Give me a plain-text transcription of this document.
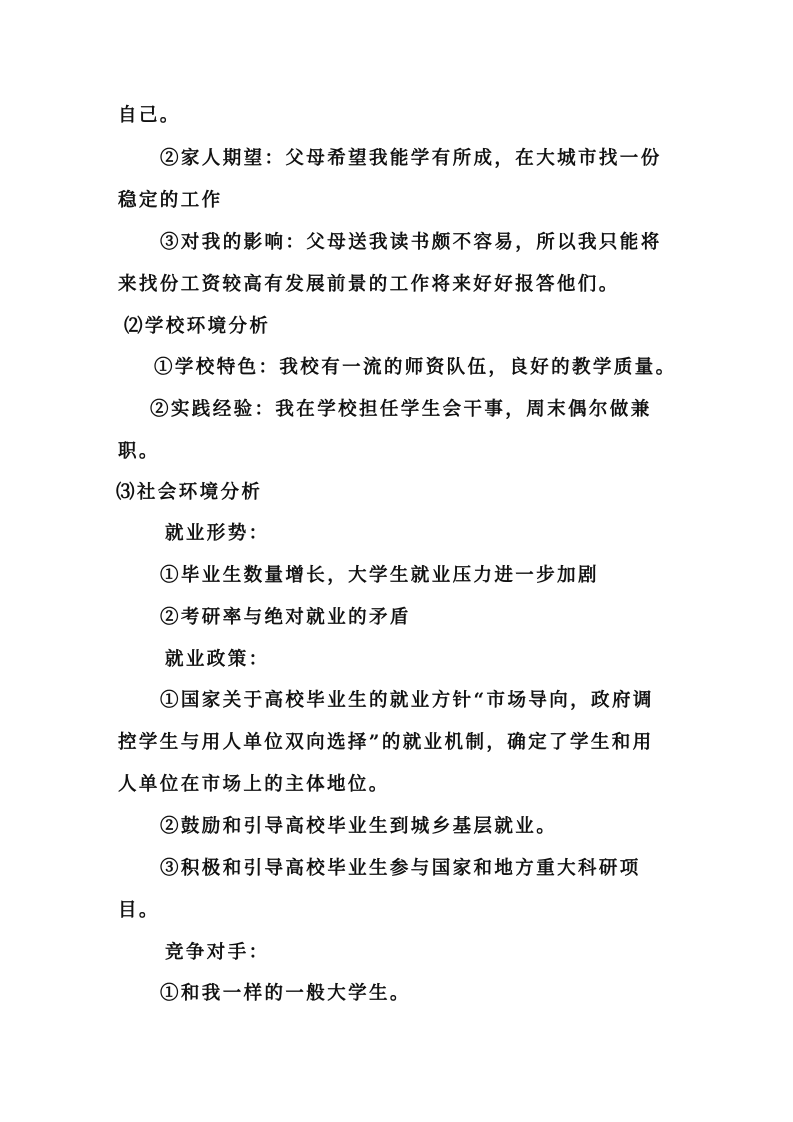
自己。
②家人期望：父母希望我能学有所成，在大城市找一份
稳定的工作
③对我的影响：父母送我读书颇不容易，所以我只能将
来找份工资较高有发展前景的工作将来好好报答他们。
⑵学校环境分析
①学校特色：我校有一流的师资队伍，良好的教学质量。
②实践经验：我在学校担任学生会干事，周末偶尔做兼
职。
⑶社会环境分析
就业形势：
①毕业生数量增长，大学生就业压力进一步加剧
②考研率与绝对就业的矛盾
就业政策：
①国家关于高校毕业生的就业方针“市场导向，政府调
控学生与用人单位双向选择”的就业机制，确定了学生和用
人单位在市场上的主体地位。
②鼓励和引导高校毕业生到城乡基层就业。
③积极和引导高校毕业生参与国家和地方重大科研项
目。
竞争对手：
①和我一样的一般大学生。
